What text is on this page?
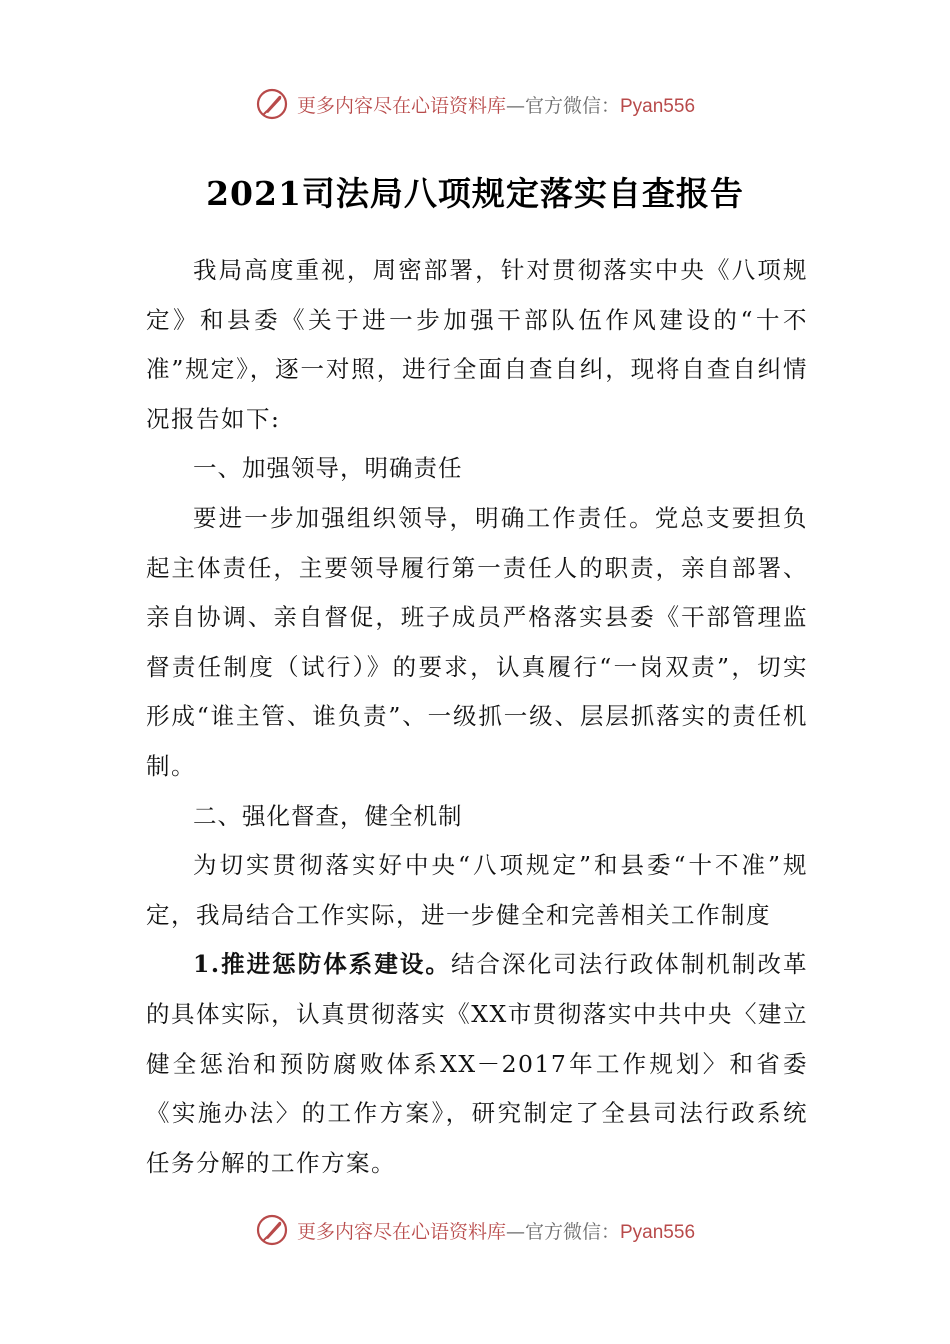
更多内容尽在心语资料库—官方微信：Pyan556
2021司法局八项规定落实自查报告

我局高度重视，周密部署，针对贯彻落实中央《八项规定》和县委《关于进一步加强干部队伍作风建设的“十不准”规定》，逐一对照，进行全面自查自纠，现将自查自纠情况报告如下:

一、加强领导，明确责任

要进一步加强组织领导，明确工作责任。党总支要担负起主体责任，主要领导履行第一责任人的职责，亲自部署、亲自协调、亲自督促，班子成员严格落实县委《干部管理监督责任制度（试行）》的要求，认真履行“一岗双责”，切实形成“谁主管、谁负责”、一级抓一级、层层抓落实的责任机制。

二、强化督查，健全机制

为切实贯彻落实好中央“八项规定”和县委“十不准”规定，我局结合工作实际，进一步健全和完善相关工作制度

1.推进惩防体系建设。结合深化司法行政体制机制改革的具体实际，认真贯彻落实《XX市贯彻落实中共中央〈建立健全惩治和预防腐败体系XX－2017年工作规划〉和省委《实施办法〉的工作方案》，研究制定了全县司法行政系统任务分解的工作方案。

更多内容尽在心语资料库—官方微信：Pyan556
